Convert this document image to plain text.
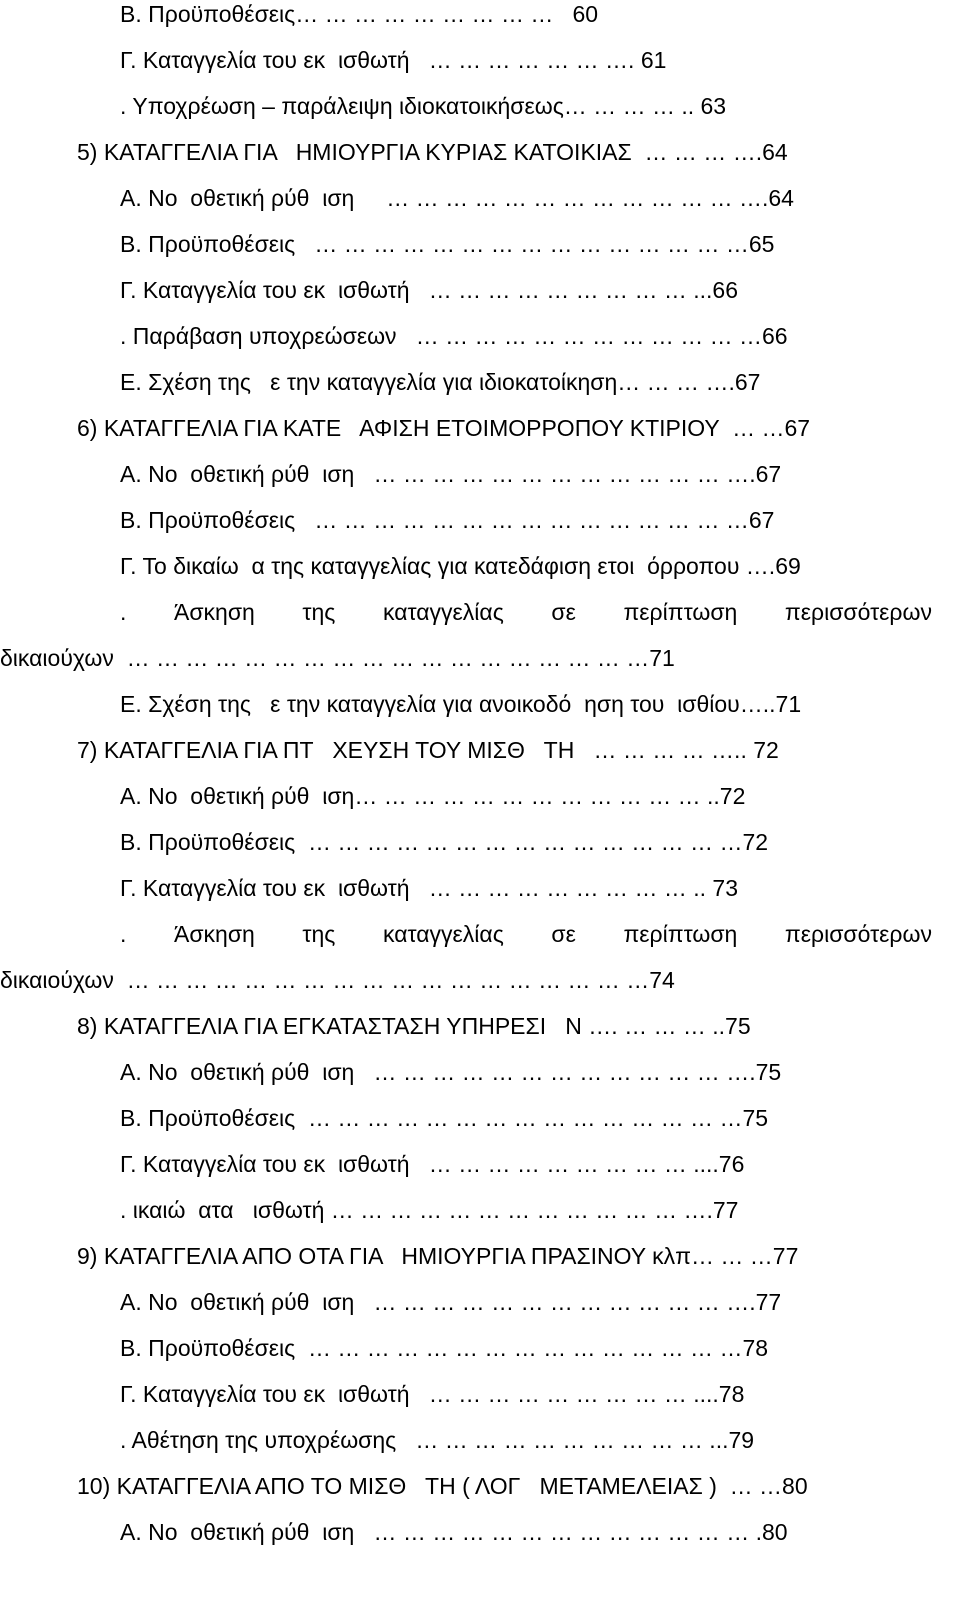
Β. Προϋποθέσεις… … … … … … … … …   60
Γ. Καταγγελία του εκ  ισθωτή   … … … … … … …. 61
. Υποχρέωση – παράλειψη ιδιοκατοικήσεως… … … … .. 63
5) ΚΑΤΑΓΓΕΛΙΑ ΓΙΑ   ΗΜΙΟΥΡΓΙΑ ΚΥΡΙΑΣ ΚΑΤΟΙΚΙΑΣ  … … … ….64
Α. Νο  οθετική ρύθ  ιση     … … … … … … … … … … … … ….64
Β. Προϋποθέσεις   … … … … … … … … … … … … … … …65
Γ. Καταγγελία του εκ  ισθωτή   … … … … … … … … … ...66
. Παράβαση υποχρεώσεων   … … … … … … … … … … … …66
Ε. Σχέση της   ε την καταγγελία για ιδιοκατοίκηση… … … ….67
6) ΚΑΤΑΓΓΕΛΙΑ ΓΙΑ ΚΑΤΕ   ΑΦΙΣΗ ΕΤΟΙΜΟΡΡΟΠΟΥ ΚΤΙΡΙΟΥ  … …67
Α. Νο  οθετική ρύθ  ιση   … … … … … … … … … … … … ….67
Β. Προϋποθέσεις   … … … … … … … … … … … … … … …67
Γ. Το δικαίω  α της καταγγελίας για κατεδάφιση ετοι  όρροπου ….69
. Άσκηση της καταγγελίας σε περίπτωση περισσότερων
δικαιούχων  … … … … … … … … … … … … … … … … … …71
Ε. Σχέση της   ε την καταγγελία για ανοικοδό  ηση του  ισθίου…..71
7) ΚΑΤΑΓΓΕΛΙΑ ΓΙΑ ΠΤ   ΧΕΥΣΗ ΤΟΥ ΜΙΣΘ   ΤΗ   … … … … ….. 72
Α. Νο  οθετική ρύθ  ιση… … … … … … … … … … … … ..72
Β. Προϋποθέσεις  … … … … … … … … … … … … … … …72
Γ. Καταγγελία του εκ  ισθωτή   … … … … … … … … … .. 73
. Άσκηση της καταγγελίας σε περίπτωση περισσότερων
δικαιούχων  … … … … … … … … … … … … … … … … … …74
8) ΚΑΤΑΓΓΕΛΙΑ ΓΙΑ ΕΓΚΑΤΑΣΤΑΣΗ ΥΠΗΡΕΣΙ   Ν …. … … … ..75
Α. Νο  οθετική ρύθ  ιση   … … … … … … … … … … … … ….75
Β. Προϋποθέσεις  … … … … … … … … … … … … … … …75
Γ. Καταγγελία του εκ  ισθωτή   … … … … … … … … … ....76
. ικαιώ  ατα   ισθωτή … … … … … … … … … … … … ….77
9) ΚΑΤΑΓΓΕΛΙΑ ΑΠΟ ΟΤΑ ΓΙΑ   ΗΜΙΟΥΡΓΙΑ ΠΡΑΣΙΝΟΥ κλπ… … …77
Α. Νο  οθετική ρύθ  ιση   … … … … … … … … … … … … ….77
Β. Προϋποθέσεις  … … … … … … … … … … … … … … …78
Γ. Καταγγελία του εκ  ισθωτή   … … … … … … … … … ....78
. Αθέτηση της υποχρέωσης   … … … … … … … … … … ...79
10) ΚΑΤΑΓΓΕΛΙΑ ΑΠΟ ΤΟ ΜΙΣΘ   ΤΗ ( ΛΟΓ   ΜΕΤΑΜΕΛΕΙΑΣ )  … …80
Α. Νο  οθετική ρύθ  ιση   … … … … … … … … … … … … … .80
